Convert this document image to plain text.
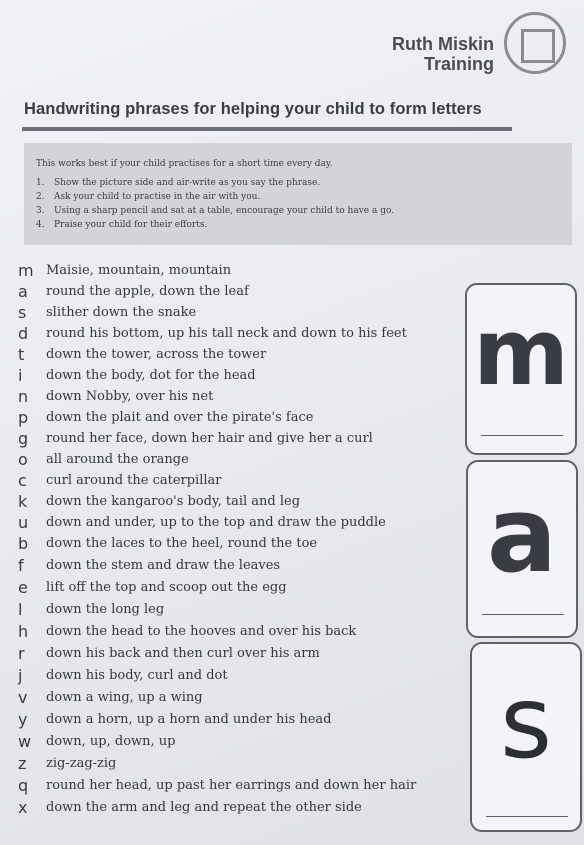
Ruth Miskin
Training
Handwriting phrases for helping your child to form letters
This works best if your child practises for a short time every day.
1.	Show the picture side and air-write as you say the phrase.
2.	Ask your child to practise in the air with you.
3.	Using a sharp pencil and sat at a table, encourage your child to have a go.
4.	Praise your child for their efforts.
m Maisie, mountain, mountain
a	round the apple, down the leaf
s	slither down the snake
d	round his bottom, up his tall neck and down to his feet
t	down the tower, across the tower
i	down the body, dot for the head
n	down Nobby, over his net
p	down the plait and over the pirate's face
g	round her face, down her hair and give her a curl
o	all around the orange
c	curl around the caterpillar
k	down the kangaroo's body, tail and leg
u	down and under, up to the top and draw the puddle
b	down the laces to the heel, round the toe
f	down the stem and draw the leaves
e	lift off the top and scoop out the egg
l	down the long leg
h	down the head to the hooves and over his back
r	down his back and then curl over his arm
j	down his body, curl and dot
v	down a wing, up a wing
y	down a horn, up a horn and under his head
w	down, up, down, up
z	zig-zag-zig
q	round her head, up past her earrings and down her hair
x	down the arm and leg and repeat the other side
m
a
s
